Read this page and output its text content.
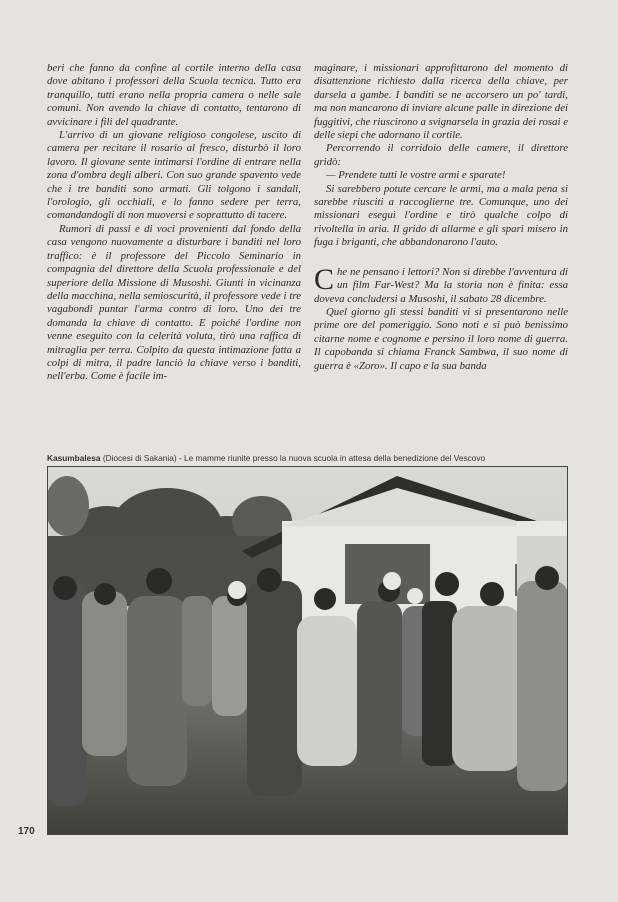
beri che fanno da confine al cortile interno della casa dove abitano i professori della Scuola tecnica. Tutto era tranquillo, tutti erano nella propria camera o nelle sale comuni. Non avendo la chiave di contatto, tentarono di avvicinare i fili del quadrante.

L'arrivo di un giovane religioso congolese, uscito di camera per recitare il rosario al fresco, disturbò il loro lavoro. Il giovane sente intimarsi l'ordine di entrare nella zona d'ombra degli alberi. Con suo grande spavento vede che i tre banditi sono armati. Gli tolgono i sandali, l'orologio, gli occhiali, e lo fanno sedere per terra, comandandogli di non muoversi e soprattutto di tacere.

Rumori di passi e di voci provenienti dal fondo della casa vengono nuovamente a disturbare i banditi nel loro traffico: è il professore del Piccolo Seminario in compagnia del direttore della Scuola professionale e del superiore della Missione di Musoshi. Giunti in vicinanza della macchina, nella semioscurità, il professore vede i tre vagabondi puntar l'arma contro di loro. Uno dei tre domanda la chiave di contatto. E poiché l'ordine non venne eseguito con la celerità voluta, tirò una raffica di mitraglia per terra. Colpito da questa intimazione fatta a colpi di mitra, il padre lanciò la chiave verso i banditi, nell'erba. Come è facile im-

maginare, i missionari approfittarono del momento di disattenzione richiesto dalla ricerca della chiave, per darsela a gambe. I banditi se ne accorsero un po' tardi, ma non mancarono di inviare alcune palle in direzione dei fuggitivi, che riuscirono a svignarsela in grazia dei rosai e delle siepi che adornano il cortile.

Percorrendo il corridoio delle camere, il direttore gridò:

— Prendete tutti le vostre armi e sparate!

Si sarebbero potute cercare le armi, ma a mala pena si sarebbe riusciti a raccoglierne tre. Comunque, uno dei missionari eseguì l'ordine e tirò qualche colpo di rivoltella in aria. Il grido di allarme e gli spari misero in fuga i briganti, che abbandonarono l'auto.

C he ne pensano i lettori? Non si direbbe l'avventura di un film Far-West? Ma la storia non è finita: essa doveva concludersi a Musoshi, il sabato 28 dicembre.

Quel giorno gli stessi banditi vi si presentarono nelle prime ore del pomeriggio. Sono noti e si può benissimo citarne nome e cognome e persino il loro nome di guerra. Il capobanda si chiama Franck Sambwa, il suo nome di guerra è «Zoro». Il capo e la sua banda

Kasumbalesa (Diocesi di Sakania) - Le mamme riunite presso la nuova scuola in attesa della benedizione del Vescovo
170
